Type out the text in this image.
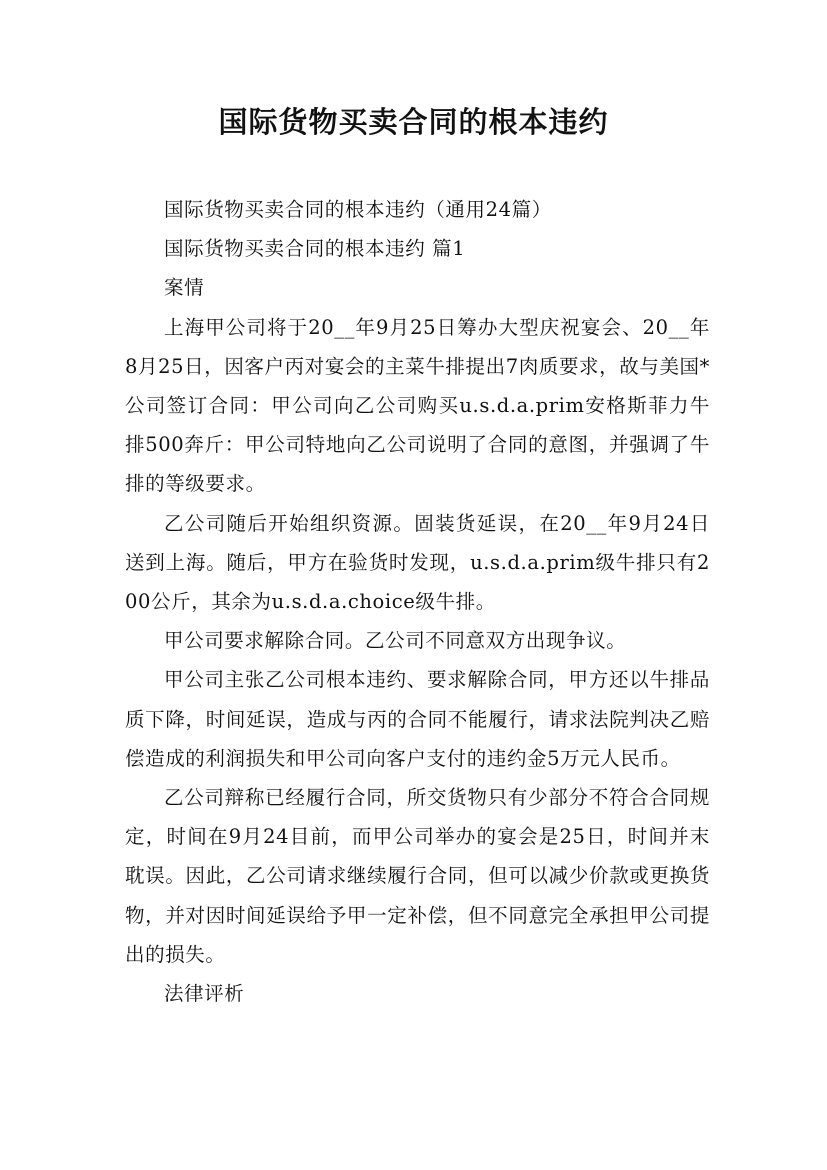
国际货物买卖合同的根本违约

国际货物买卖合同的根本违约（通用24篇）

国际货物买卖合同的根本违约 篇1

案情

上海甲公司将于20__年9月25日筹办大型庆祝宴会、20__年8月25日，因客户丙对宴会的主菜牛排提出7肉质要求，故与美国*公司签订合同：甲公司向乙公司购买u.s.d.a.prim安格斯菲力牛排500奔斤：甲公司特地向乙公司说明了合同的意图，并强调了牛排的等级要求。

乙公司随后开始组织资源。固装货延误，在20__年9月24日送到上海。随后，甲方在验货时发现，u.s.d.a.prim级牛排只有200公斤，其余为u.s.d.a.choice级牛排。

甲公司要求解除合同。乙公司不同意双方出现争议。

甲公司主张乙公司根本违约、要求解除合同，甲方还以牛排品质下降，时间延误，造成与丙的合同不能履行，请求法院判决乙赔偿造成的利润损失和甲公司向客户支付的违约金5万元人民币。

乙公司辩称已经履行合同，所交货物只有少部分不符合合同规定，时间在9月24目前，而甲公司举办的宴会是25日，时间并末耽误。因此，乙公司请求继续履行合同，但可以减少价款或更换货物，并对因时间延误给予甲一定补偿，但不同意完全承担甲公司提出的损失。

法律评析
